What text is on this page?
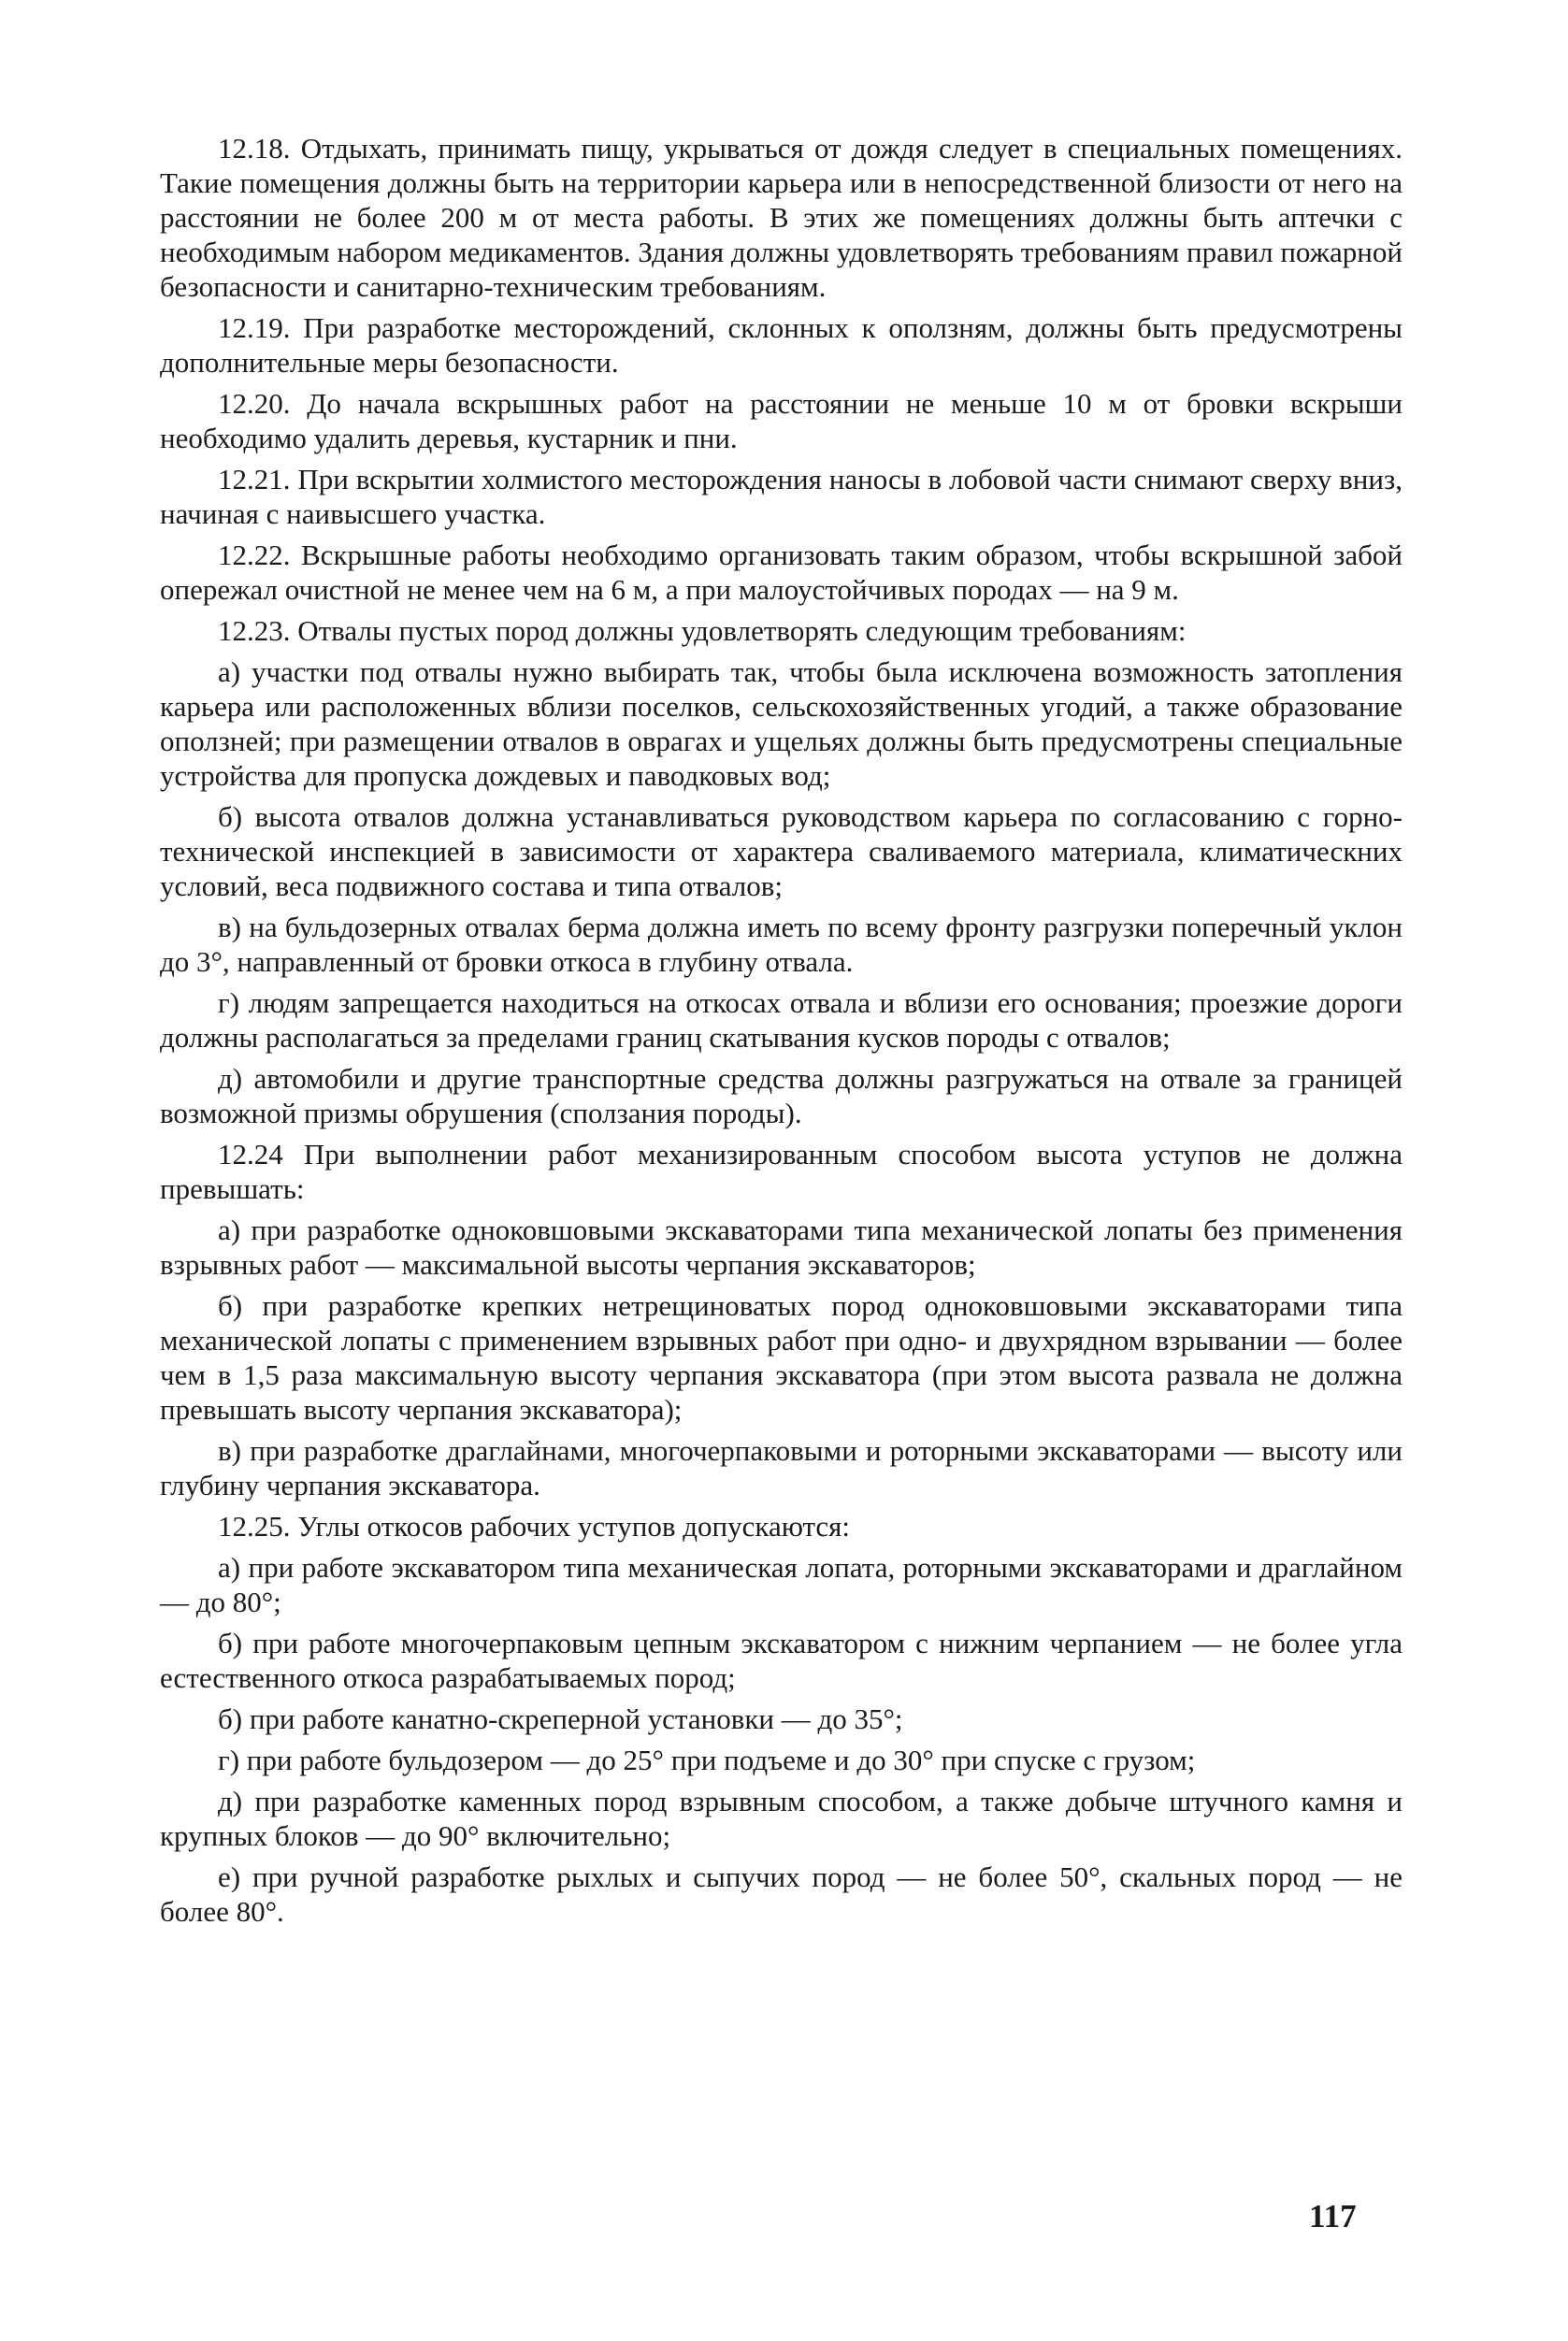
12.18. Отдыхать, принимать пищу, укрываться от дождя следует в специальных помещениях. Такие помещения должны быть на территории карьера или в непосредственной близости от него на расстоянии не более 200 м от места работы. В этих же помещениях должны быть аптечки с необходимым набором медикаментов. Здания должны удовлетворять требованиям правил пожарной безопасности и санитарно-техническим требованиям.

12.19. При разработке месторождений, склонных к оползням, должны быть предусмотрены дополнительные меры безопасности.

12.20. До начала вскрышных работ на расстоянии не меньше 10 м от бровки вскрыши необходимо удалить деревья, кустарник и пни.

12.21. При вскрытии холмистого месторождения наносы в лобовой части снимают сверху вниз, начиная с наивысшего участка.

12.22. Вскрышные работы необходимо организовать таким образом, чтобы вскрышной забой опережал очистной не менее чем на 6 м, а при малоустойчивых породах — на 9 м.

12.23. Отвалы пустых пород должны удовлетворять следующим требованиям:

а) участки под отвалы нужно выбирать так, чтобы была исключена возможность затопления карьера или расположенных вблизи поселков, сельскохозяйственных угодий, а также образование оползней; при размещении отвалов в оврагах и ущельях должны быть предусмотрены специальные устройства для пропуска дождевых и паводковых вод;

б) высота отвалов должна устанавливаться руководством карьера по согласованию с горно-технической инспекцией в зависимости от характера сваливаемого материала, климатическних условий, веса подвижного состава и типа отвалов;

в) на бульдозерных отвалах берма должна иметь по всему фронту разгрузки поперечный уклон до 3°, направленный от бровки откоса в глубину отвала.

г) людям запрещается находиться на откосах отвала и вблизи его основания; проезжие дороги должны располагаться за пределами границ скатывания кусков породы с отвалов;

д) автомобили и другие транспортные средства должны разгружаться на отвале за границей возможной призмы обрушения (сползания породы).

12.24 При выполнении работ механизированным способом высота уступов не должна превышать:

а) при разработке одноковшовыми экскаваторами типа механической лопаты без применения взрывных работ — максимальной высоты черпания экскаваторов;

б) при разработке крепких нетрещиноватых пород одноковшовыми экскаваторами типа механической лопаты с применением взрывных работ при одно- и двухрядном взрывании — более чем в 1,5 раза максимальную высоту черпания экскаватора (при этом высота развала не должна превышать высоту черпания экскаватора);

в) при разработке драглайнами, многочерпаковыми и роторными экскаваторами — высоту или глубину черпания экскаватора.

12.25. Углы откосов рабочих уступов допускаются:

а) при работе экскаватором типа механическая лопата, роторными экскаваторами и драглайном — до 80°;

б) при работе многочерпаковым цепным экскаватором с нижним черпанием — не более угла естественного откоса разрабатываемых пород;

б) при работе канатно-скреперной установки — до 35°;

г) при работе бульдозером — до 25° при подъеме и до 30° при спуске с грузом;

д) при разработке каменных пород взрывным способом, а также добыче штучного камня и крупных блоков — до 90° включительно;

е) при ручной разработке рыхлых и сыпучих пород — не более 50°, скальных пород — не более 80°.

117
